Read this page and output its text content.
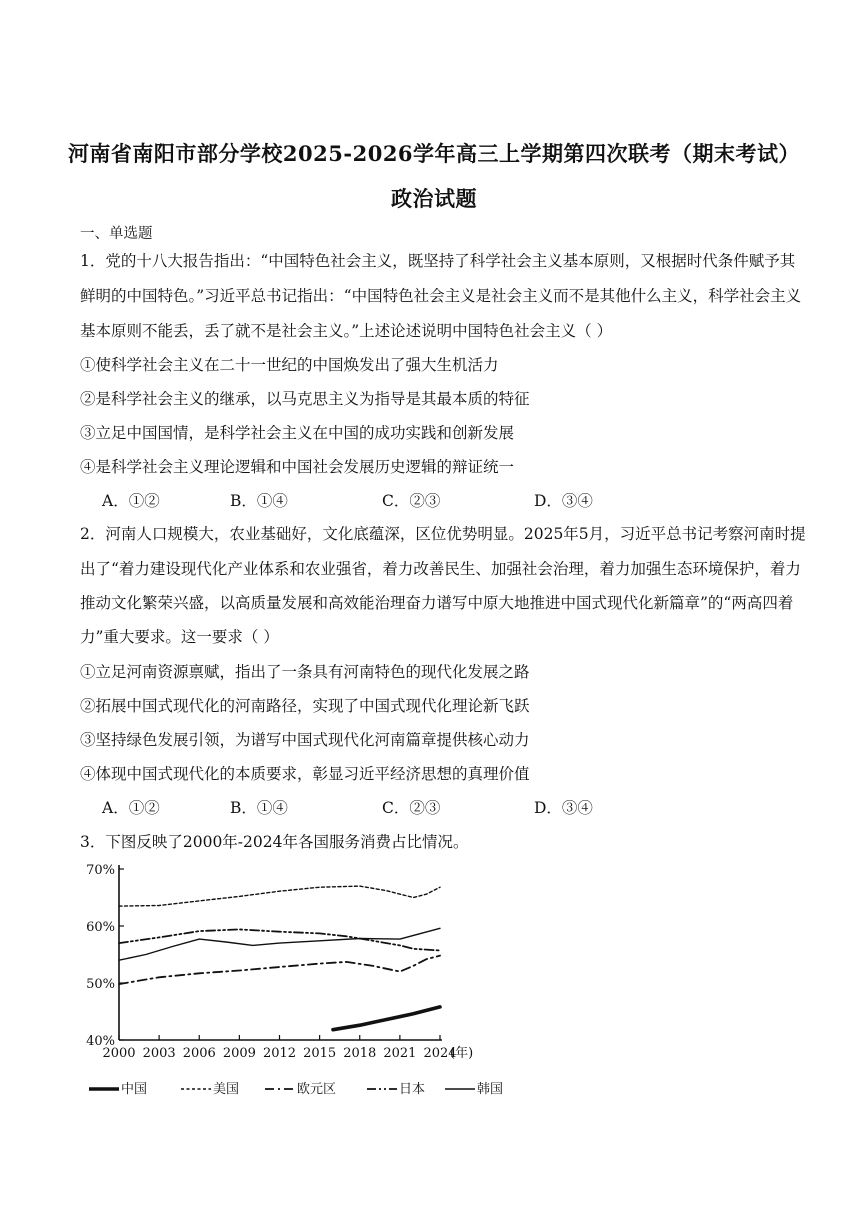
河南省南阳市部分学校2025-2026学年高三上学期第四次联考（期末考试）
政治试题
一、单选题
1．党的十八大报告指出：“中国特色社会主义，既坚持了科学社会主义基本原则，又根据时代条件赋予其
鲜明的中国特色。”习近平总书记指出：“中国特色社会主义是社会主义而不是其他什么主义，科学社会主义
基本原则不能丢，丢了就不是社会主义。”上述论述说明中国特色社会主义（ ）
①使科学社会主义在二十一世纪的中国焕发出了强大生机活力
②是科学社会主义的继承，以马克思主义为指导是其最本质的特征
③立足中国国情，是科学社会主义在中国的成功实践和创新发展
④是科学社会主义理论逻辑和中国社会发展历史逻辑的辩证统一
A．①②	B．①④	C．②③	D．③④
2．河南人口规模大，农业基础好，文化底蕴深，区位优势明显。2025年5月，习近平总书记考察河南时提
出了“着力建设现代化产业体系和农业强省，着力改善民生、加强社会治理，着力加强生态环境保护，着力
推动文化繁荣兴盛，以高质量发展和高效能治理奋力谱写中原大地推进中国式现代化新篇章”的“两高四着
力”重大要求。这一要求（ ）
①立足河南资源禀赋，指出了一条具有河南特色的现代化发展之路
②拓展中国式现代化的河南路径，实现了中国式现代化理论新飞跃
③坚持绿色发展引领，为谱写中国式现代化河南篇章提供核心动力
④体现中国式现代化的本质要求，彰显习近平经济思想的真理价值
A．①②	B．①④	C．②③	D．③④
3．下图反映了2000年-2024年各国服务消费占比情况。
70%
60%
50%
40%
2000 2003 2006 2009 2012 2015 2018 2021 2024
(年)
中国	美国	欧元区	日本	韩国
